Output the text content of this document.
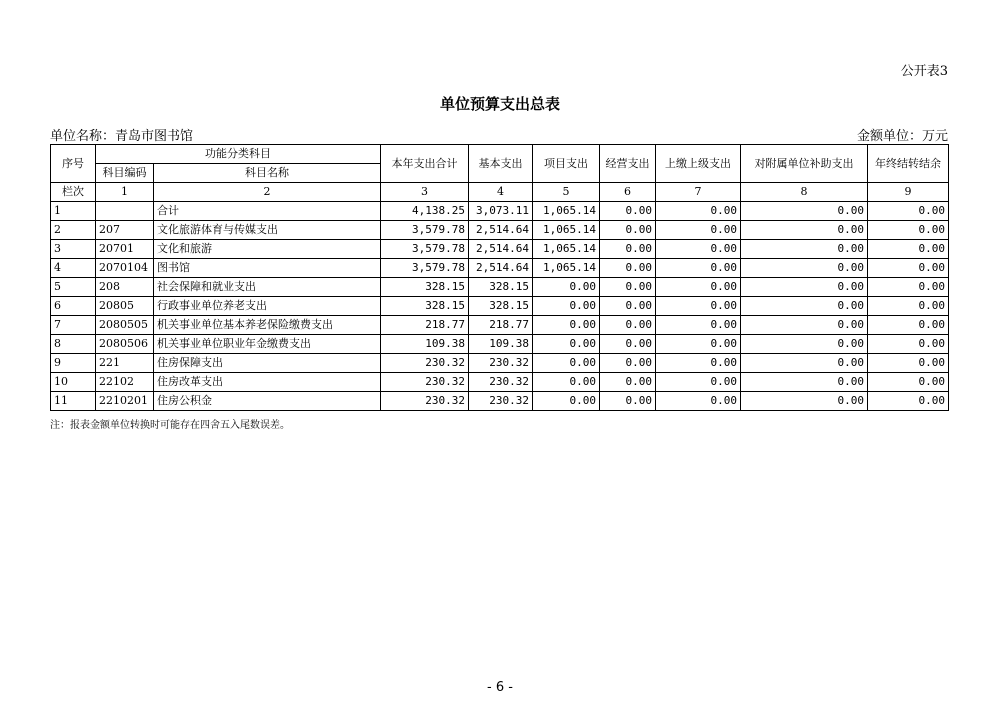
公开表3
单位预算支出总表
单位名称：青岛市图书馆	金额单位：万元
序号	功能分类科目		本年支出合计	基本支出	项目支出	经营支出	上缴上级支出	对附属单位补助支出	年终结转结余
	科目编码	科目名称							
栏次	1	2	3	4	5	6	7	8	9
1		合计	4,138.25	3,073.11	1,065.14	0.00	0.00	0.00	0.00
2	207	文化旅游体育与传媒支出	3,579.78	2,514.64	1,065.14	0.00	0.00	0.00	0.00
3	20701	文化和旅游	3,579.78	2,514.64	1,065.14	0.00	0.00	0.00	0.00
4	2070104	图书馆	3,579.78	2,514.64	1,065.14	0.00	0.00	0.00	0.00
5	208	社会保障和就业支出	328.15	328.15	0.00	0.00	0.00	0.00	0.00
6	20805	行政事业单位养老支出	328.15	328.15	0.00	0.00	0.00	0.00	0.00
7	2080505	机关事业单位基本养老保险缴费支出	218.77	218.77	0.00	0.00	0.00	0.00	0.00
8	2080506	机关事业单位职业年金缴费支出	109.38	109.38	0.00	0.00	0.00	0.00	0.00
9	221	住房保障支出	230.32	230.32	0.00	0.00	0.00	0.00	0.00
10	22102	住房改革支出	230.32	230.32	0.00	0.00	0.00	0.00	0.00
11	2210201	住房公积金	230.32	230.32	0.00	0.00	0.00	0.00	0.00
注：报表金额单位转换时可能存在四舍五入尾数误差。
- 6 -
